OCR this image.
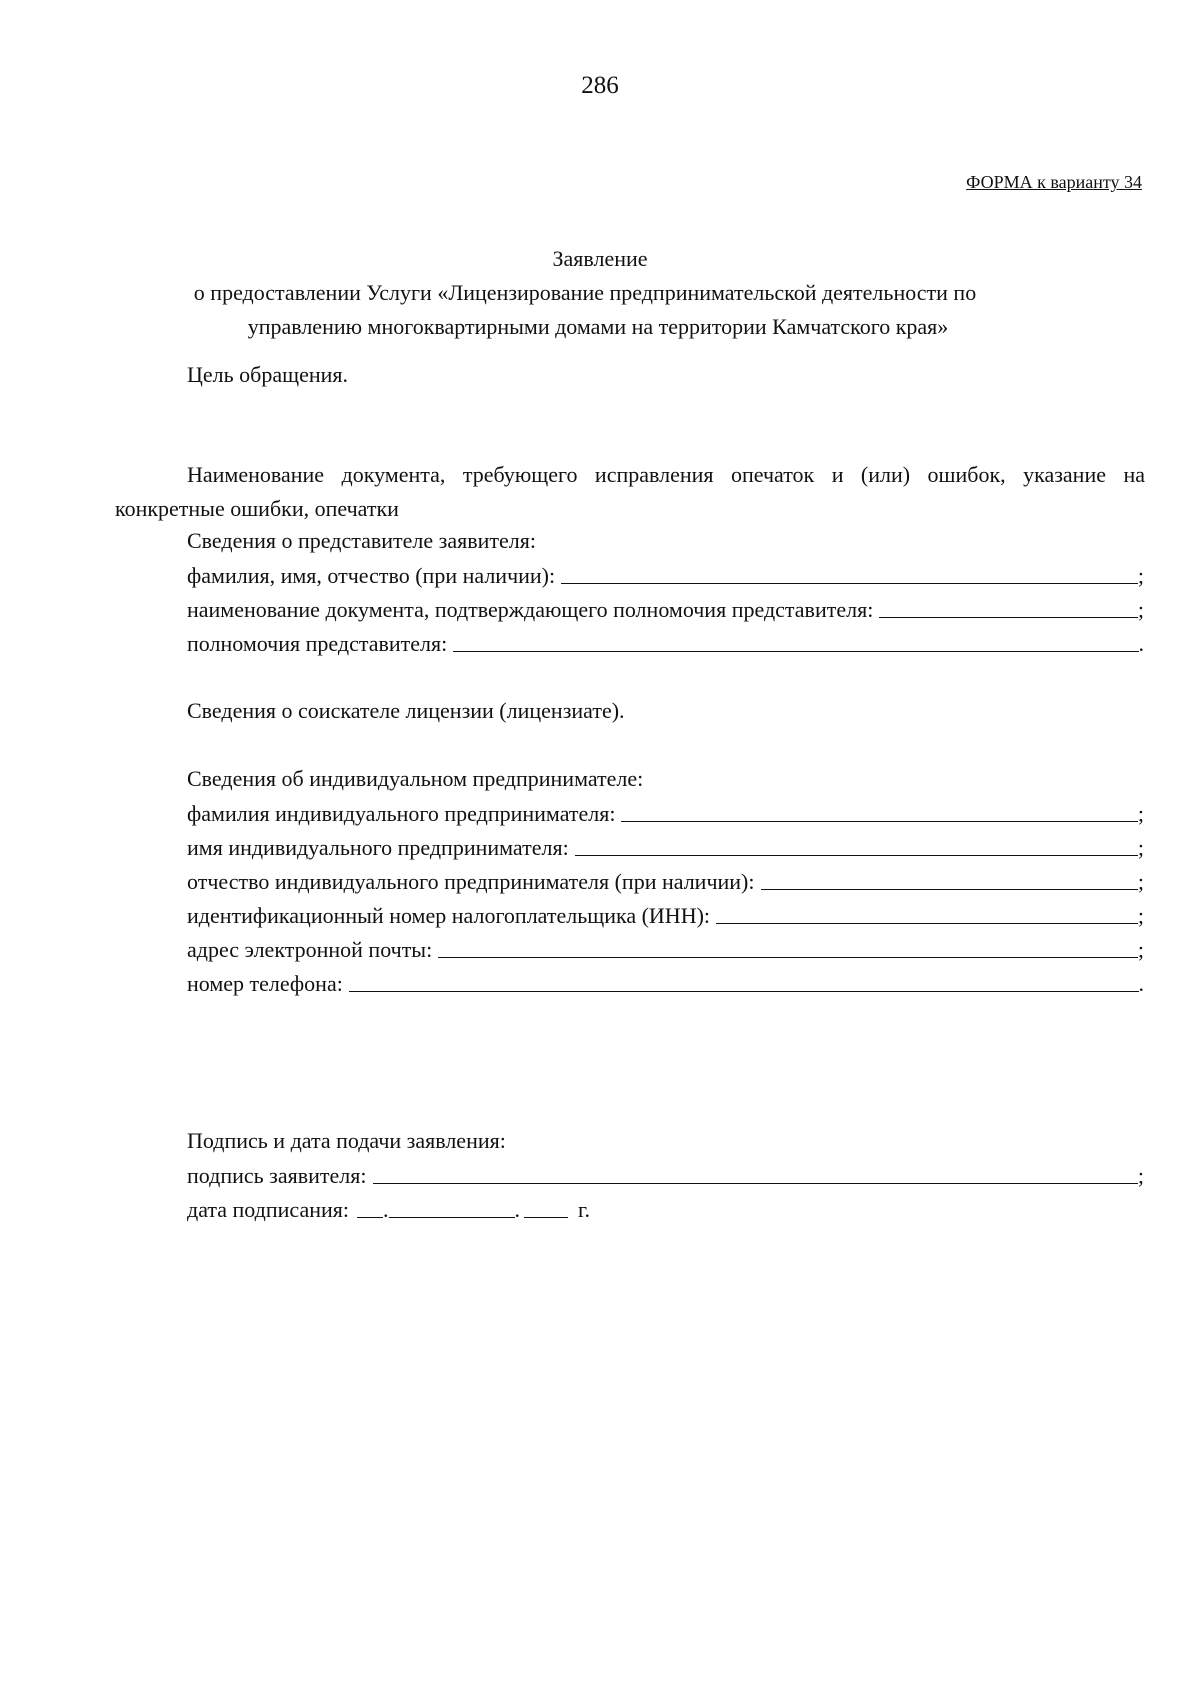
286
ФОРМА к варианту 34
Заявление
о предоставлении Услуги «Лицензирование предпринимательской деятельности по
управлению многоквартирными домами на территории Камчатского края»
Цель обращения.
Наименование документа, требующего исправления опечаток и (или) ошибок, указание на
конкретные ошибки, опечатки
Сведения о представителе заявителя:
фамилия, имя, отчество (при наличии):	;
наименование документа, подтверждающего полномочия представителя:	;
полномочия представителя:	.
Сведения о соискателе лицензии (лицензиате).
Сведения об индивидуальном предпринимателе:
фамилия индивидуального предпринимателя:	;
имя индивидуального предпринимателя:	;
отчество индивидуального предпринимателя (при наличии):	;
идентификационный номер налогоплательщика (ИНН):	;
адрес электронной почты:	;
номер телефона:	.
Подпись и дата подачи заявления:
подпись заявителя:	;
дата подписания: .	.	г.
